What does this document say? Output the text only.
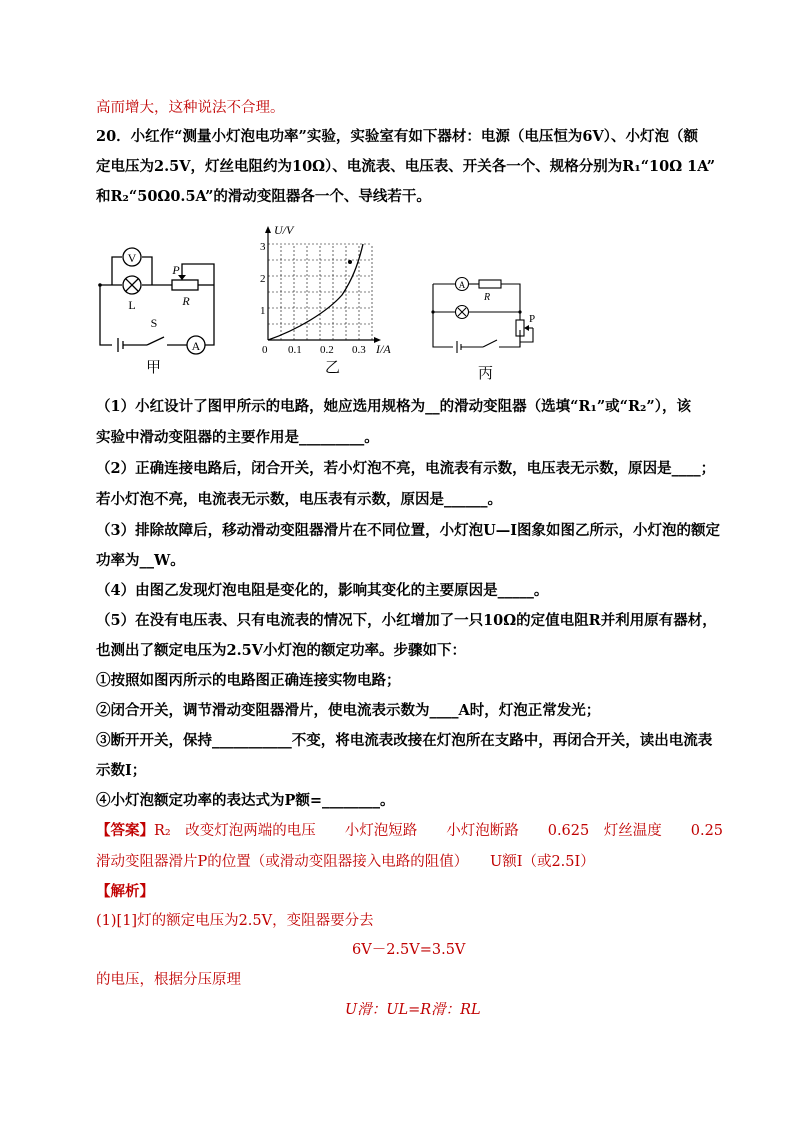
高而增大，这种说法不合理。
20．小红作“测量小灯泡电功率”实验，实验室有如下器材：电源（电压恒为6V）、小灯泡（额
定电压为2.5V，灯丝电阻约为10Ω）、电流表、电压表、开关各一个、规格分别为R₁“10Ω 1A”
和R₂“50Ω0.5A”的滑动变阻器各一个、导线若干。
V
A
L
S
P
R
甲
U/V
I/A
0
1
2
3
0.1 0.2 0.3
乙
A
R
P
丙
（1）小红设计了图甲所示的电路，她应选用规格为__的滑动变阻器（选填“R₁”或“R₂”），该
实验中滑动变阻器的主要作用是_________。
（2）正确连接电路后，闭合开关，若小灯泡不亮，电流表有示数，电压表无示数，原因是____；
若小灯泡不亮，电流表无示数，电压表有示数，原因是______。
（3）排除故障后，移动滑动变阻器滑片在不同位置，小灯泡U—I图象如图乙所示，小灯泡的额定
功率为__W。
（4）由图乙发现灯泡电阻是变化的，影响其变化的主要原因是_____。
（5）在没有电压表、只有电流表的情况下，小红增加了一只10Ω的定值电阻R并利用原有器材，
也测出了额定电压为2.5V小灯泡的额定功率。步骤如下：
①按照如图丙所示的电路图正确连接实物电路；
②闭合开关，调节滑动变阻器滑片，使电流表示数为____A时，灯泡正常发光；
③断开开关，保持___________不变，将电流表改接在灯泡所在支路中，再闭合开关，读出电流表
示数I；
④小灯泡额定功率的表达式为P额=________。
【答案】R₂　改变灯泡两端的电压　　小灯泡短路　　小灯泡断路　　0.625　灯丝温度　　0.25
滑动变阻器滑片P的位置（或滑动变阻器接入电路的阻值）　　U额I（或2.5I）
【解析】
(1)[1]灯的额定电压为2.5V，变阻器要分去
6V－2.5V=3.5V
的电压，根据分压原理
U滑：UL=R滑：RL
